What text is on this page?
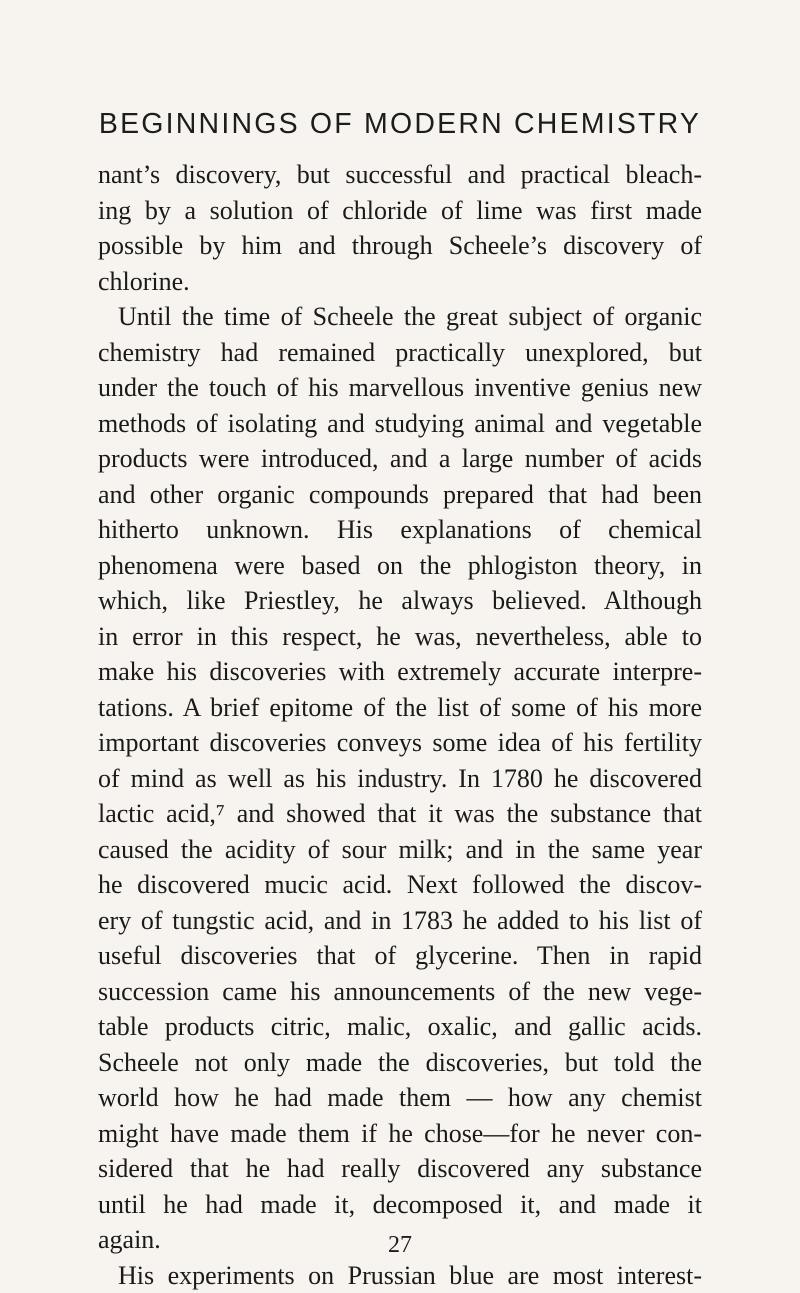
BEGINNINGS OF MODERN CHEMISTRY
nant’s discovery, but successful and practical bleach-
ing by a solution of chloride of lime was first made
possible by him and through Scheele’s discovery of
chlorine.
Until the time of Scheele the great subject of organic
chemistry had remained practically unexplored, but
under the touch of his marvellous inventive genius new
methods of isolating and studying animal and vegetable
products were introduced, and a large number of acids
and other organic compounds prepared that had been
hitherto unknown. His explanations of chemical
phenomena were based on the phlogiston theory, in
which, like Priestley, he always believed. Although
in error in this respect, he was, nevertheless, able to
make his discoveries with extremely accurate interpre-
tations. A brief epitome of the list of some of his more
important discoveries conveys some idea of his fertility
of mind as well as his industry. In 1780 he discovered
lactic acid,⁷ and showed that it was the substance that
caused the acidity of sour milk; and in the same year
he discovered mucic acid. Next followed the discov-
ery of tungstic acid, and in 1783 he added to his list of
useful discoveries that of glycerine. Then in rapid
succession came his announcements of the new vege-
table products citric, malic, oxalic, and gallic acids.
Scheele not only made the discoveries, but told the
world how he had made them — how any chemist
might have made them if he chose—for he never con-
sidered that he had really discovered any substance
until he had made it, decomposed it, and made it
again.
His experiments on Prussian blue are most interest-
27
